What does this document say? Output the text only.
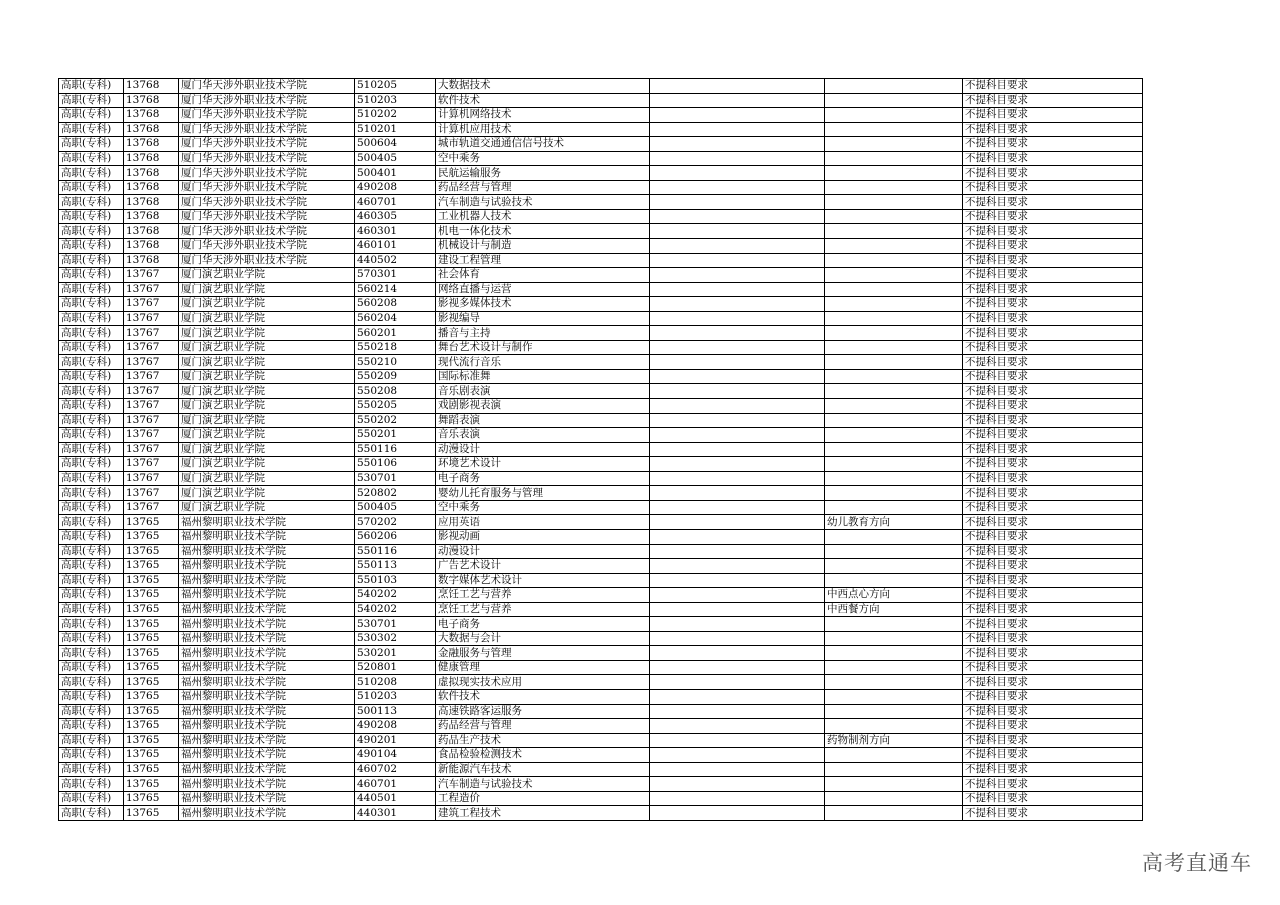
高职(专科)	13768	厦门华天涉外职业技术学院	510205	大数据技术			不提科目要求
高职(专科)	13768	厦门华天涉外职业技术学院	510203	软件技术			不提科目要求
高职(专科)	13768	厦门华天涉外职业技术学院	510202	计算机网络技术			不提科目要求
高职(专科)	13768	厦门华天涉外职业技术学院	510201	计算机应用技术			不提科目要求
高职(专科)	13768	厦门华天涉外职业技术学院	500604	城市轨道交通通信信号技术			不提科目要求
高职(专科)	13768	厦门华天涉外职业技术学院	500405	空中乘务			不提科目要求
高职(专科)	13768	厦门华天涉外职业技术学院	500401	民航运输服务			不提科目要求
高职(专科)	13768	厦门华天涉外职业技术学院	490208	药品经营与管理			不提科目要求
高职(专科)	13768	厦门华天涉外职业技术学院	460701	汽车制造与试验技术			不提科目要求
高职(专科)	13768	厦门华天涉外职业技术学院	460305	工业机器人技术			不提科目要求
高职(专科)	13768	厦门华天涉外职业技术学院	460301	机电一体化技术			不提科目要求
高职(专科)	13768	厦门华天涉外职业技术学院	460101	机械设计与制造			不提科目要求
高职(专科)	13768	厦门华天涉外职业技术学院	440502	建设工程管理			不提科目要求
高职(专科)	13767	厦门演艺职业学院	570301	社会体育			不提科目要求
高职(专科)	13767	厦门演艺职业学院	560214	网络直播与运营			不提科目要求
高职(专科)	13767	厦门演艺职业学院	560208	影视多媒体技术			不提科目要求
高职(专科)	13767	厦门演艺职业学院	560204	影视编导			不提科目要求
高职(专科)	13767	厦门演艺职业学院	560201	播音与主持			不提科目要求
高职(专科)	13767	厦门演艺职业学院	550218	舞台艺术设计与制作			不提科目要求
高职(专科)	13767	厦门演艺职业学院	550210	现代流行音乐			不提科目要求
高职(专科)	13767	厦门演艺职业学院	550209	国际标准舞			不提科目要求
高职(专科)	13767	厦门演艺职业学院	550208	音乐剧表演			不提科目要求
高职(专科)	13767	厦门演艺职业学院	550205	戏剧影视表演			不提科目要求
高职(专科)	13767	厦门演艺职业学院	550202	舞蹈表演			不提科目要求
高职(专科)	13767	厦门演艺职业学院	550201	音乐表演			不提科目要求
高职(专科)	13767	厦门演艺职业学院	550116	动漫设计			不提科目要求
高职(专科)	13767	厦门演艺职业学院	550106	环境艺术设计			不提科目要求
高职(专科)	13767	厦门演艺职业学院	530701	电子商务			不提科目要求
高职(专科)	13767	厦门演艺职业学院	520802	婴幼儿托育服务与管理			不提科目要求
高职(专科)	13767	厦门演艺职业学院	500405	空中乘务			不提科目要求
高职(专科)	13765	福州黎明职业技术学院	570202	应用英语		幼儿教育方向	不提科目要求
高职(专科)	13765	福州黎明职业技术学院	560206	影视动画			不提科目要求
高职(专科)	13765	福州黎明职业技术学院	550116	动漫设计			不提科目要求
高职(专科)	13765	福州黎明职业技术学院	550113	广告艺术设计			不提科目要求
高职(专科)	13765	福州黎明职业技术学院	550103	数字媒体艺术设计			不提科目要求
高职(专科)	13765	福州黎明职业技术学院	540202	烹饪工艺与营养		中西点心方向	不提科目要求
高职(专科)	13765	福州黎明职业技术学院	540202	烹饪工艺与营养		中西餐方向	不提科目要求
高职(专科)	13765	福州黎明职业技术学院	530701	电子商务			不提科目要求
高职(专科)	13765	福州黎明职业技术学院	530302	大数据与会计			不提科目要求
高职(专科)	13765	福州黎明职业技术学院	530201	金融服务与管理			不提科目要求
高职(专科)	13765	福州黎明职业技术学院	520801	健康管理			不提科目要求
高职(专科)	13765	福州黎明职业技术学院	510208	虚拟现实技术应用			不提科目要求
高职(专科)	13765	福州黎明职业技术学院	510203	软件技术			不提科目要求
高职(专科)	13765	福州黎明职业技术学院	500113	高速铁路客运服务			不提科目要求
高职(专科)	13765	福州黎明职业技术学院	490208	药品经营与管理			不提科目要求
高职(专科)	13765	福州黎明职业技术学院	490201	药品生产技术		药物制剂方向	不提科目要求
高职(专科)	13765	福州黎明职业技术学院	490104	食品检验检测技术			不提科目要求
高职(专科)	13765	福州黎明职业技术学院	460702	新能源汽车技术			不提科目要求
高职(专科)	13765	福州黎明职业技术学院	460701	汽车制造与试验技术			不提科目要求
高职(专科)	13765	福州黎明职业技术学院	440501	工程造价			不提科目要求
高职(专科)	13765	福州黎明职业技术学院	440301	建筑工程技术			不提科目要求
高考直通车
